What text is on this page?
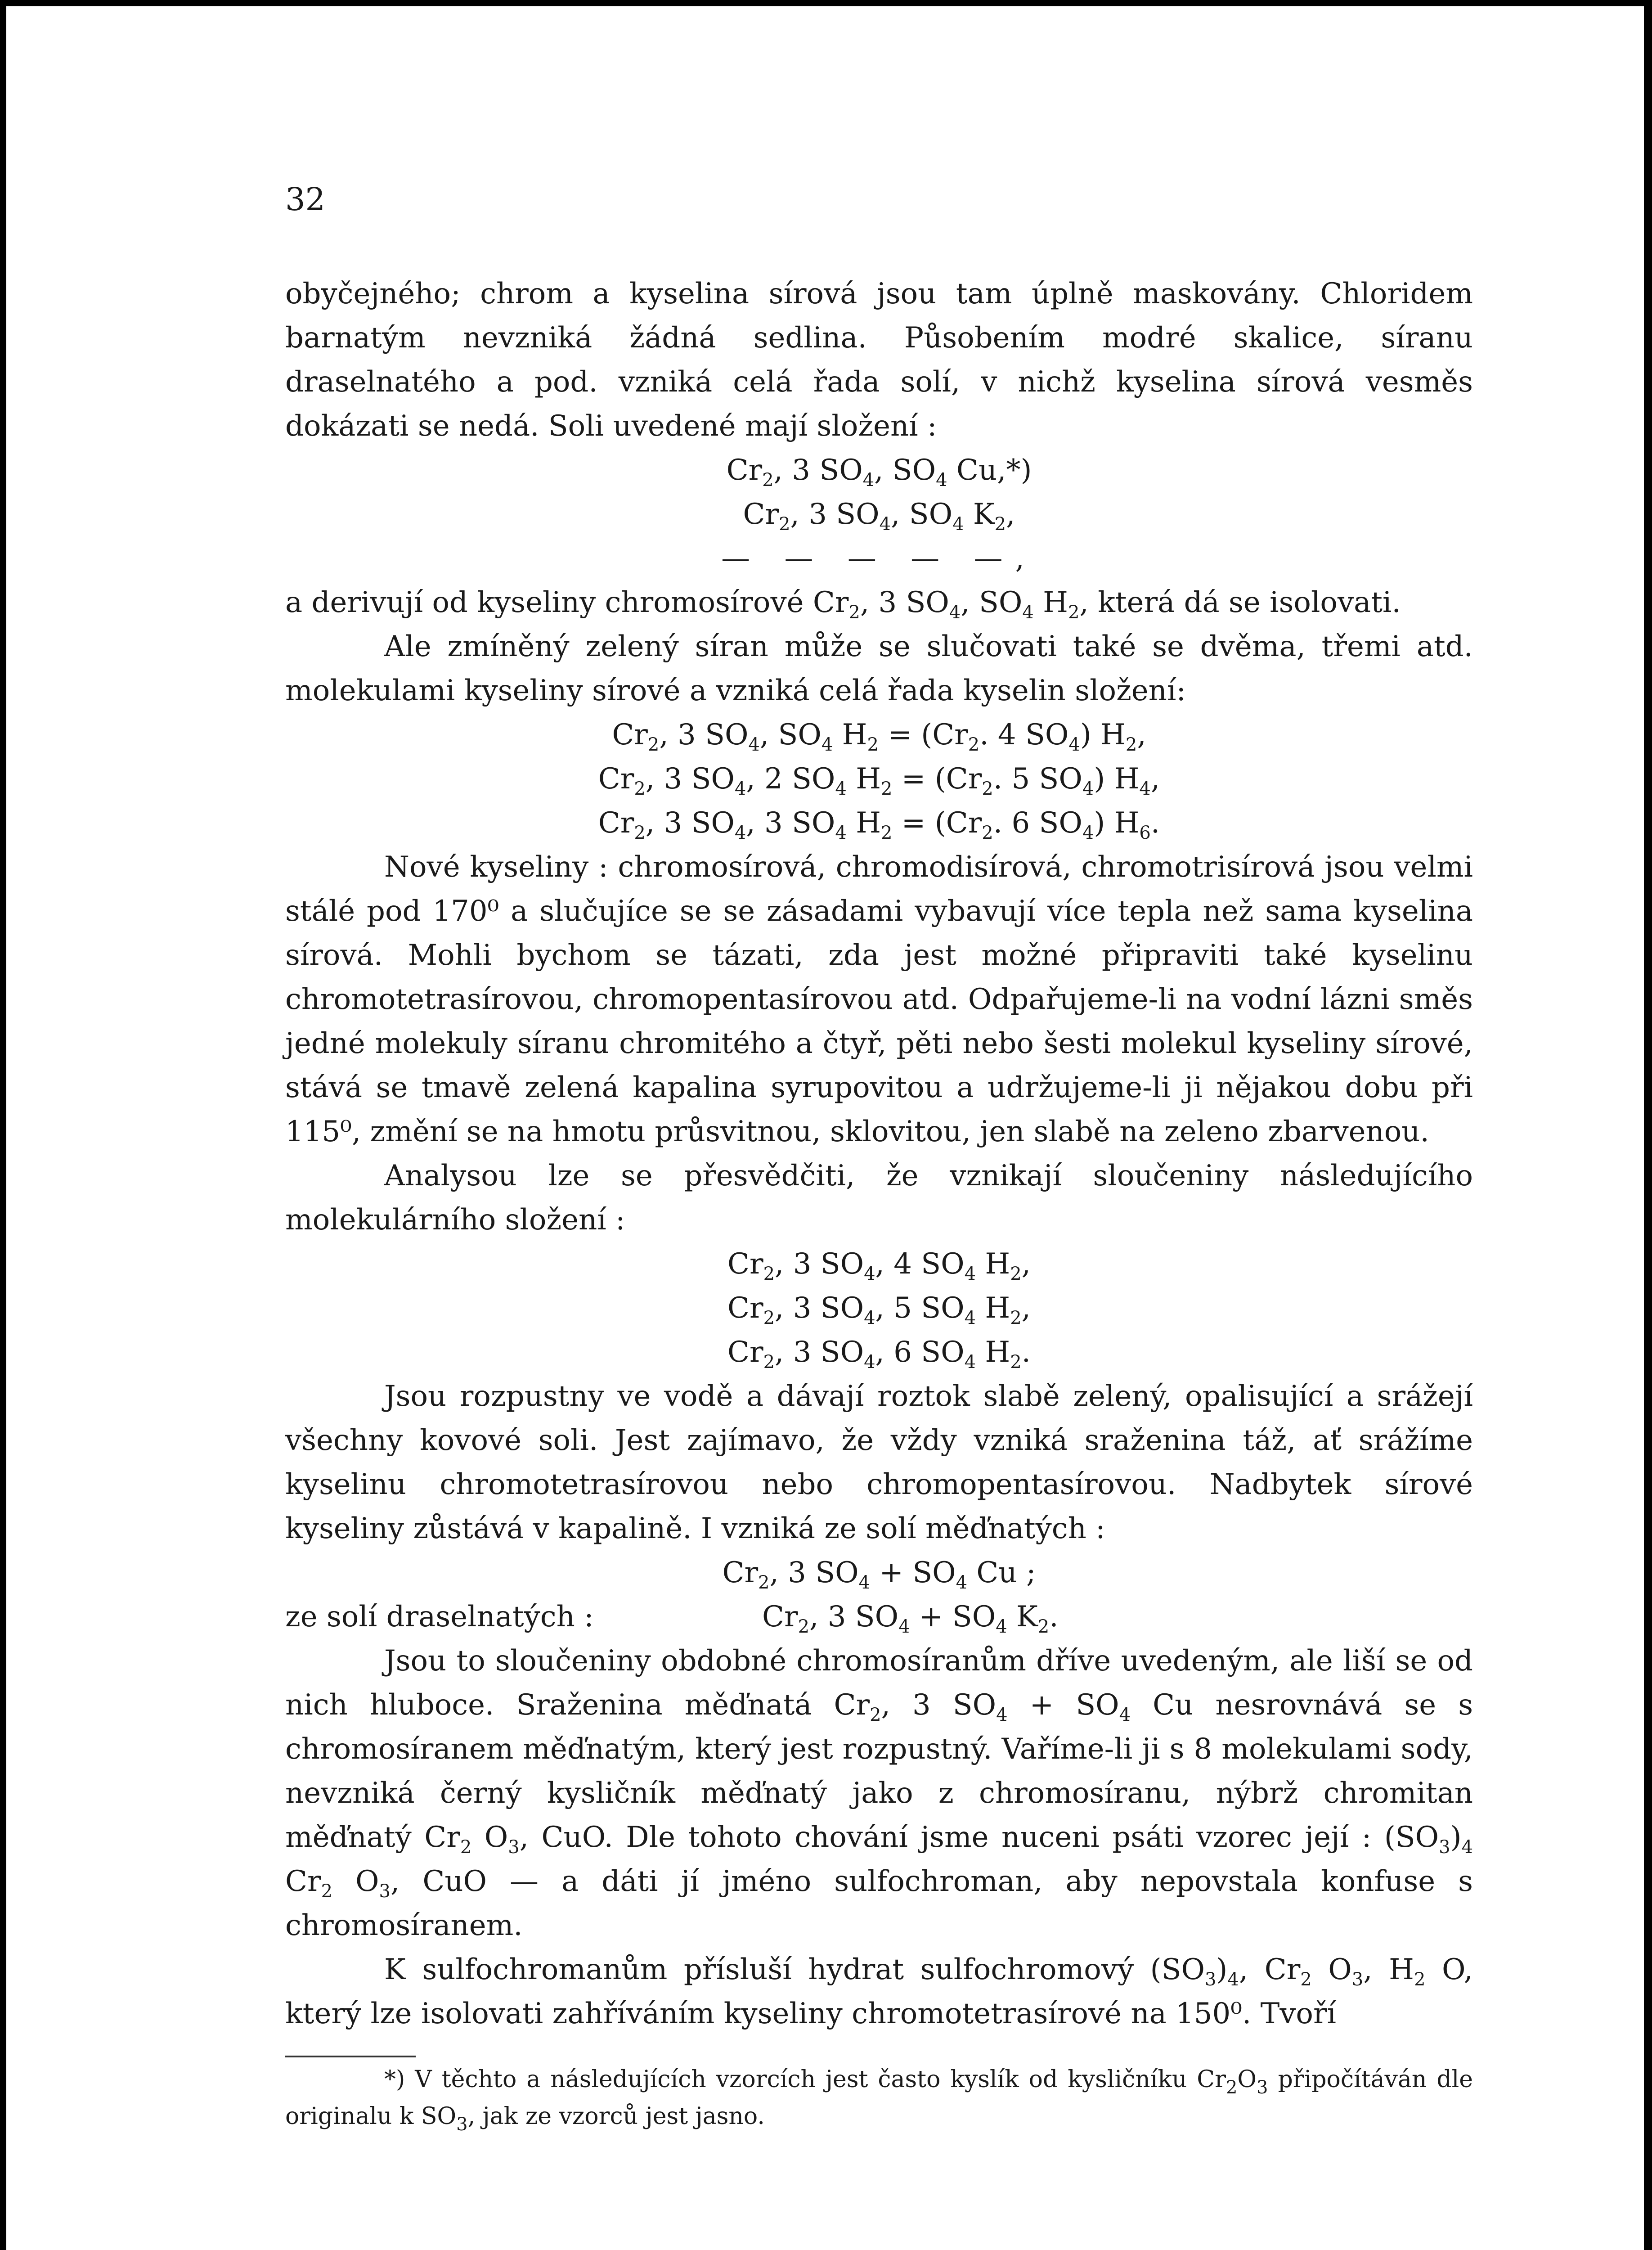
32

obyčejného; chrom a kyselina sírová jsou tam úplně maskovány. Chloridem barnatým nevzniká žádná sedlina. Působením modré skalice, síranu draselnatého a pod. vzniká celá řada solí, v nichž kyselina sírová vesměs dokázati se nedá. Soli uvedené mají složení :

$Cr_2$, 3 $SO_4$, $SO_4$ Cu,*)

$Cr_2$, 3 $SO_4$, $SO_4$ $K_2$,

— — — — —,

a derivují od kyseliny chromosírové $Cr_2$, 3 $SO_4$, $SO_4$ $H_2$, která dá se isolovati.

Ale zmíněný zelený síran může se slučovati také se dvěma, třemi atd. molekulami kyseliny sírové a vzniká celá řada kyselin složení:

$Cr_2$, 3 $SO_4$, $SO_4$ $H_2 = (Cr_2$. 4 $SO_4$) $H_2$,

$Cr_2$, 3 $SO_4$, 2 $SO_4$ $H_2 = (Cr_2$. 5 $SO_4$) $H_4$,

$Cr_2$, 3 $SO_4$, 3 $SO_4$ $H_2 = (Cr_2$. 6 $SO_4$) $H_6$.

Nové kyseliny : chromosírová, chromodisírová, chromotrisírová jsou velmi stálé pod 170⁰ a slučujíce se se zásadami vybavují více tepla než sama kyselina sírová. Mohli bychom se tázati, zda jest možné připraviti také kyselinu chromotetrasírovou, chromopentasírovou atd. Odpařujeme-li na vodní lázni směs jedné molekuly síranu chromitého a čtyř, pěti nebo šesti molekul kyseliny sírové, stává se tmavě zelená kapalina syrupovitou a udržujeme-li ji nějakou dobu při 115⁰, změní se na hmotu průsvitnou, sklovitou, jen slabě na zeleno zbarvenou.

Analysou lze se přesvědčiti, že vznikají sloučeniny následujícího molekulárního složení :

$Cr_2$, 3 $SO_4$, 4 $SO_4$ $H_2$,

$Cr_2$, 3 $SO_4$, 5 $SO_4$ $H_2$,

$Cr_2$, 3 $SO_4$, 6 $SO_4$ $H_2$.

Jsou rozpustny ve vodě a dávají roztok slabě zelený, opalisující a srážejí všechny kovové soli. Jest zajímavo, že vždy vzniká sraženina táž, ať srážíme kyselinu chromotetrasírovou nebo chromopentasírovou. Nadbytek sírové kyseliny zůstává v kapalině. I vzniká ze solí měďnatých :

$Cr_2$, 3 $SO_4 + SO_4$ Cu ;

ze solí draselnatých :	$Cr_2$, 3 $SO_4 + SO_4$ $K_2$.

Jsou to sloučeniny obdobné chromosíranům dříve uvedeným, ale liší se od nich hluboce. Sraženina měďnatá $Cr_2$, 3 $SO_4 + SO_4$ Cu nesrovnává se s chromosíranem měďnatým, který jest rozpustný. Vaříme-li ji s 8 molekulami sody, nevzniká černý kysličník měďnatý jako z chromosíranu, nýbrž chromitan měďnatý $Cr_2$ $O_3$, CuO. Dle tohoto chování jsme nuceni psáti vzorec její : $(SO_3)_4$ $Cr_2$ $O_3$, CuO — a dáti jí jméno sulfochroman, aby nepovstala konfuse s chromosíranem.

K sulfochromanům přísluší hydrat sulfochromový $(SO_3)_4$, $Cr_2$ $O_3$, $H_2$ O, který lze isolovati zahříváním kyseliny chromotetrasírové na 150⁰. Tvoří

*) V těchto a následujících vzorcích jest často kyslík od kysličníku $Cr_2O_3$ připočítáván dle originalu k $SO_3$, jak ze vzorců jest jasno.
